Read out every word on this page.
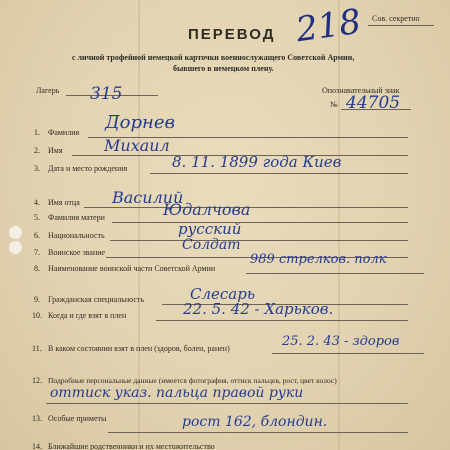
ПЕРЕВОД 218 Сов. секретно
с личной трофейной немецкой карточки военнослужащего Советской Армии,
бывшего в немецком плену.
Лагерь 315	Опознавательный знак
№ 44705
1. Фамилия Дорнев
2. Имя	Михаил
3. Дата и место рождения	8. 11. 1899 года Киев
4. Имя отца Василий
5. Фамилия матери	Юдалчова
6. Национальность	русский
7. Воинское звание	Солдат
8. Наименование воинской части Советской Армии
989 стрелков. полк
9. Гражданская специальность	Слесарь
10. Когда и где взят в плен	22. 5. 42 - Харьков.
11. В каком состоянии взят в плен (здоров, болен, ранен)	25. 2. 43 - здоров
12. Подробные персональные данные (имеется фотография, оттиск пальцев, рост, цвет волос)
оттиск указ. пальца правой руки
13. Особые приметы	рост 162, блондин.
14. Ближайшие родственники и их местожительство
